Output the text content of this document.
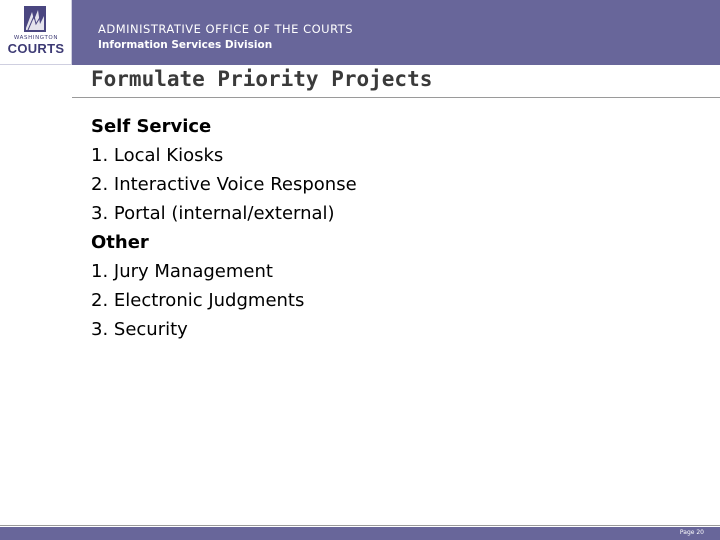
WASHINGTON
COURTS
ADMINISTRATIVE OFFICE OF THE COURTS
Information Services Division
Formulate Priority Projects
Self Service
1. Local Kiosks
2. Interactive Voice Response
3. Portal (internal/external)
Other
1. Jury Management
2. Electronic Judgments
3. Security
Page 20
